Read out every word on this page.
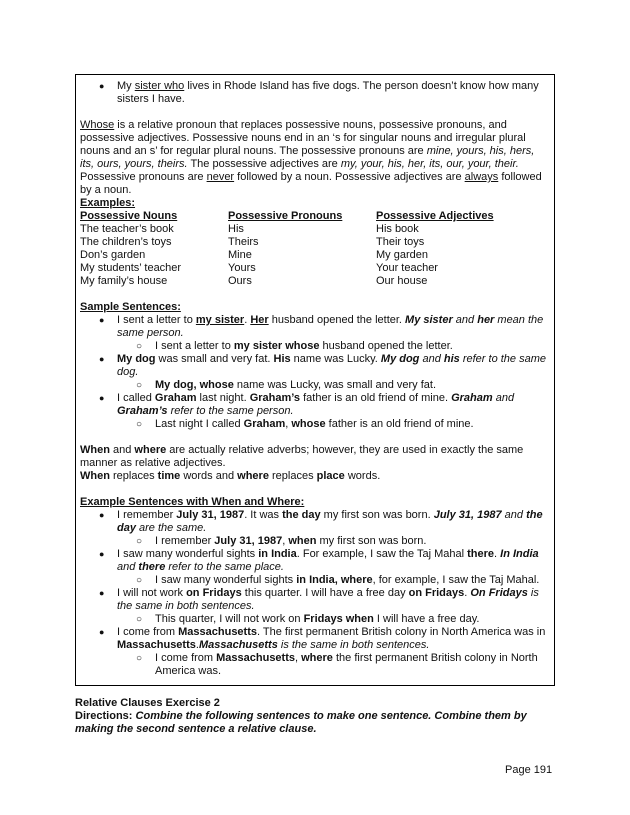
● My sister who lives in Rhode Island has five dogs. The person doesn’t know how many sisters I have.

Whose is a relative pronoun that replaces possessive nouns, possessive pronouns, and possessive adjectives. Possessive nouns end in an ‘s for singular nouns and irregular plural nouns and an s’ for regular plural nouns. The possessive pronouns are mine, yours, his, hers, its, ours, yours, theirs. The possessive adjectives are my, your, his, her, its, our, your, their. Possessive pronouns are never followed by a noun. Possessive adjectives are always followed by a noun.

Examples:

Possessive Nouns	Possessive Pronouns	Possessive Adjectives
The teacher’s book	His	His book
The children’s toys	Theirs	Their toys
Don’s garden	Mine	My garden
My students’ teacher	Yours	Your teacher
My family’s house	Ours	Our house

Sample Sentences:

● I sent a letter to my sister. Her husband opened the letter. My sister and her mean the same person.
○ I sent a letter to my sister whose husband opened the letter.
● My dog was small and very fat. His name was Lucky. My dog and his refer to the same dog.
○ My dog, whose name was Lucky, was small and very fat.
● I called Graham last night. Graham’s father is an old friend of mine. Graham and Graham’s refer to the same person.
○ Last night I called Graham, whose father is an old friend of mine.

When and where are actually relative adverbs; however, they are used in exactly the same manner as relative adjectives.

When replaces time words and where replaces place words.

Example Sentences with When and Where:

● I remember July 31, 1987. It was the day my first son was born. July 31, 1987 and the day are the same.
○ I remember July 31, 1987, when my first son was born.
● I saw many wonderful sights in India. For example, I saw the Taj Mahal there. In India and there refer to the same place.
○ I saw many wonderful sights in India, where, for example, I saw the Taj Mahal.
● I will not work on Fridays this quarter. I will have a free day on Fridays. On Fridays is the same in both sentences.
○ This quarter, I will not work on Fridays when I will have a free day.
● I come from Massachusetts. The first permanent British colony in North America was in Massachusetts.Massachusetts is the same in both sentences.
○ I come from Massachusetts, where the first permanent British colony in North America was.

Relative Clauses Exercise 2

Directions: Combine the following sentences to make one sentence. Combine them by making the second sentence a relative clause.

Page 191
